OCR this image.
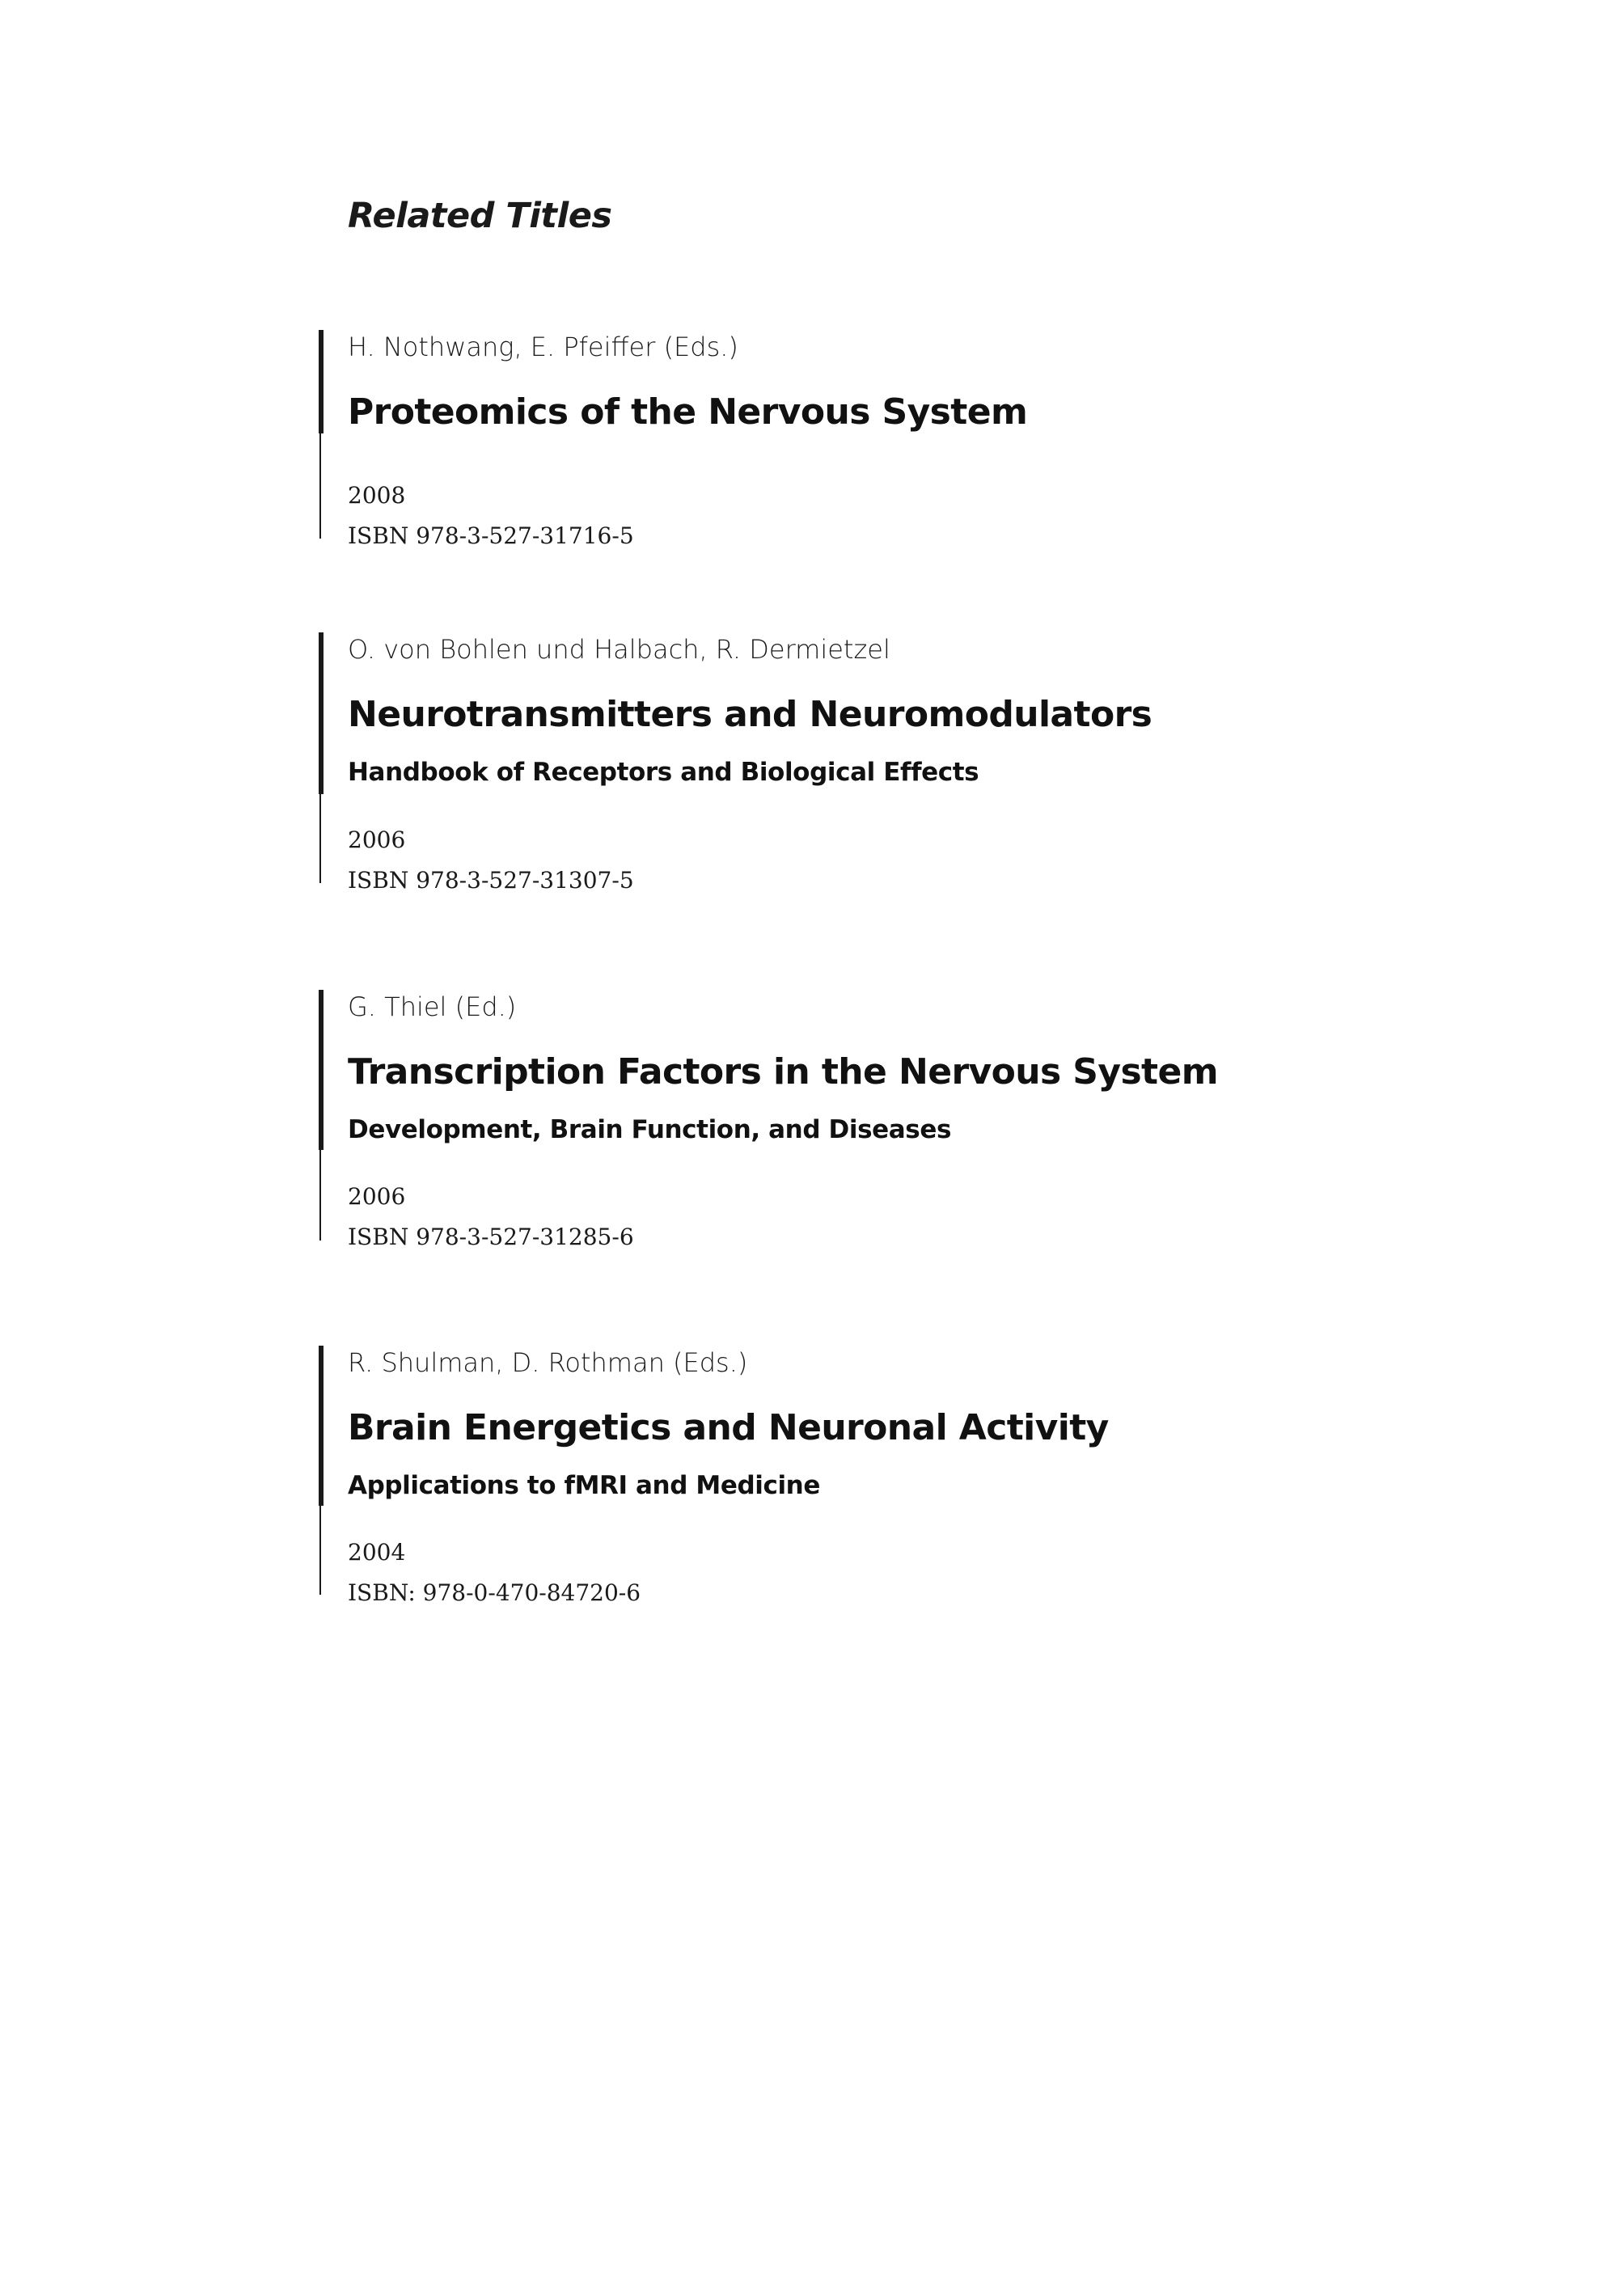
Related Titles

H. Nothwang, E. Pfeiffer (Eds.)

Proteomics of the Nervous System

2008
ISBN 978-3-527-31716-5

O. von Bohlen und Halbach, R. Dermietzel

Neurotransmitters and Neuromodulators

Handbook of Receptors and Biological Effects

2006
ISBN 978-3-527-31307-5

G. Thiel (Ed.)

Transcription Factors in the Nervous System

Development, Brain Function, and Diseases

2006
ISBN 978-3-527-31285-6

R. Shulman, D. Rothman (Eds.)

Brain Energetics and Neuronal Activity

Applications to fMRI and Medicine

2004
ISBN: 978-0-470-84720-6
